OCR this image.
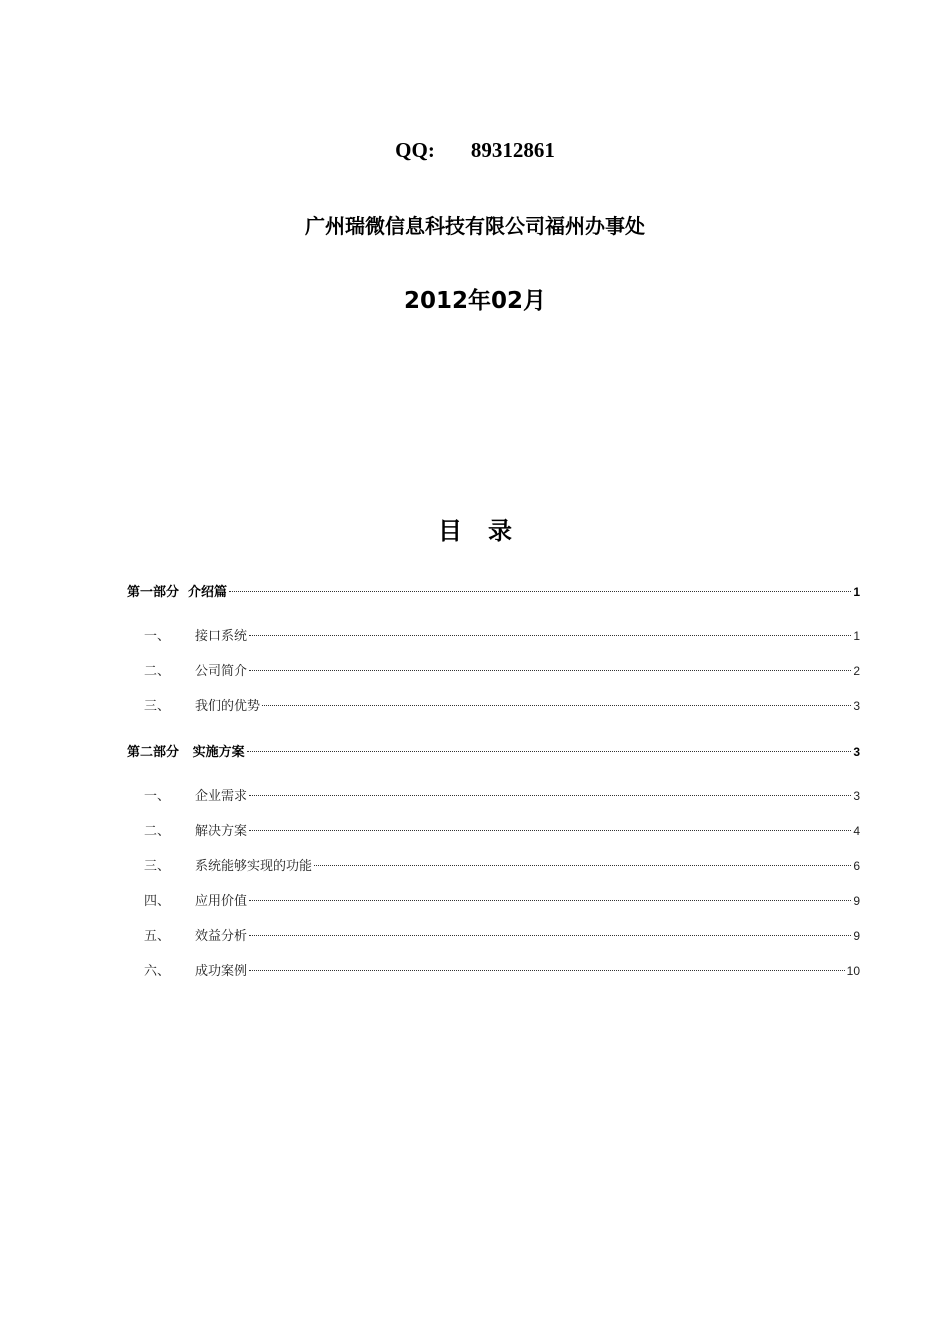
QQ: 89312861
广州瑞微信息科技有限公司福州办事处
2012年02月
目录
第一部分  介绍篇	1
一、	接口系统	1
二、	公司简介	2
三、	我们的优势	3
第二部分   实施方案	3
一、	企业需求	3
二、	解决方案	4
三、	系统能够实现的功能	6
四、	应用价值	9
五、	效益分析	9
六、	成功案例	10
